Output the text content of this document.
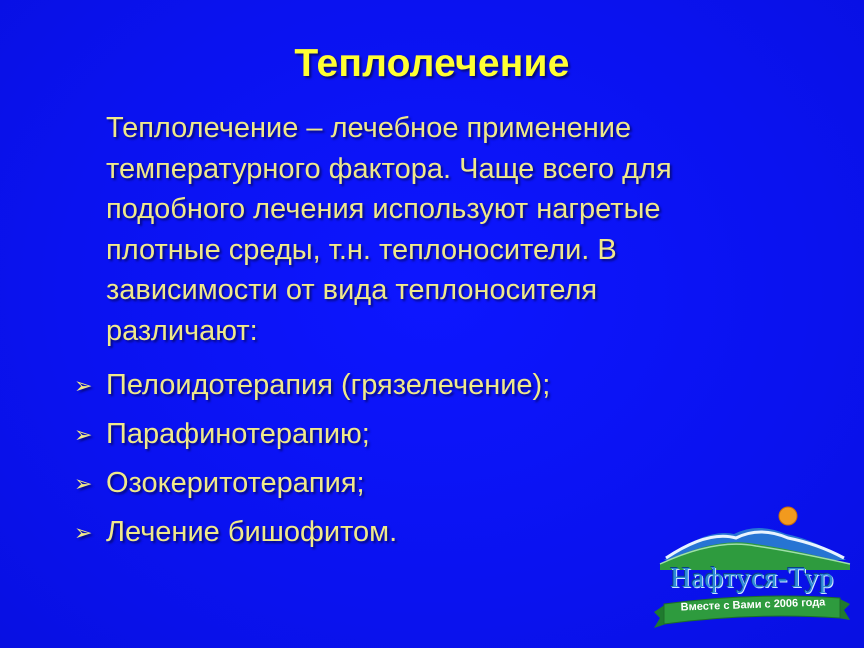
Теплолечение
Теплолечение – лечебное применение
температурного фактора. Чаще всего для
подобного лечения используют нагретые
плотные среды, т.н. теплоносители. В
зависимости от вида теплоносителя
различают:
➢ Пелоидотерапия (грязелечение);
➢ Парафинотерапию;
➢ Озокеритотерапия;
➢ Лечение бишофитом.
Нафтуся-Тур
Вместе с Вами с 2006 года
